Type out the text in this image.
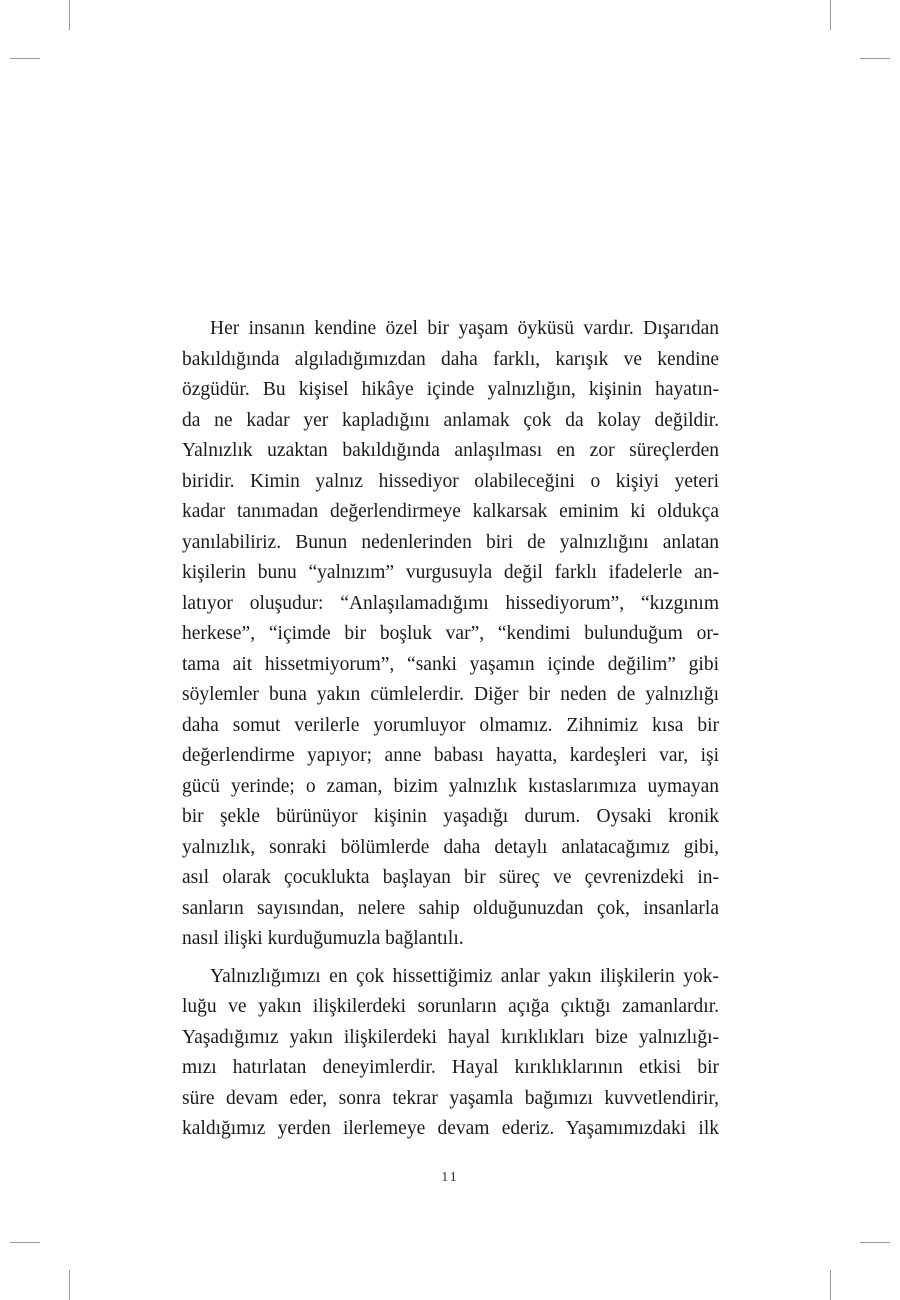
Her insanın kendine özel bir yaşam öyküsü vardır. Dışarıdan
bakıldığında algıladığımızdan daha farklı, karışık ve kendine
özgüdür. Bu kişisel hikâye içinde yalnızlığın, kişinin hayatın-
da ne kadar yer kapladığını anlamak çok da kolay değildir.
Yalnızlık uzaktan bakıldığında anlaşılması en zor süreçlerden
biridir. Kimin yalnız hissediyor olabileceğini o kişiyi yeteri
kadar tanımadan değerlendirmeye kalkarsak eminim ki oldukça
yanılabiliriz. Bunun nedenlerinden biri de yalnızlığını anlatan
kişilerin bunu “yalnızım” vurgusuyla değil farklı ifadelerle an-
latıyor oluşudur: “Anlaşılamadığımı hissediyorum”, “kızgınım
herkese”, “içimde bir boşluk var”, “kendimi bulunduğum or-
tama ait hissetmiyorum”, “sanki yaşamın içinde değilim” gibi
söylemler buna yakın cümlelerdir. Diğer bir neden de yalnızlığı
daha somut verilerle yorumluyor olmamız. Zihnimiz kısa bir
değerlendirme yapıyor; anne babası hayatta, kardeşleri var, işi
gücü yerinde; o zaman, bizim yalnızlık kıstaslarımıza uymayan
bir şekle bürünüyor kişinin yaşadığı durum. Oysaki kronik
yalnızlık, sonraki bölümlerde daha detaylı anlatacağımız gibi,
asıl olarak çocuklukta başlayan bir süreç ve çevrenizdeki in-
sanların sayısından, nelere sahip olduğunuzdan çok, insanlarla
nasıl ilişki kurduğumuzla bağlantılı.

Yalnızlığımızı en çok hissettiğimiz anlar yakın ilişkilerin yok-
luğu ve yakın ilişkilerdeki sorunların açığa çıktığı zamanlardır.
Yaşadığımız yakın ilişkilerdeki hayal kırıklıkları bize yalnızlığı-
mızı hatırlatan deneyimlerdir. Hayal kırıklıklarının etkisi bir
süre devam eder, sonra tekrar yaşamla bağımızı kuvvetlendirir,
kaldığımız yerden ilerlemeye devam ederiz. Yaşamımızdaki ilk

11
